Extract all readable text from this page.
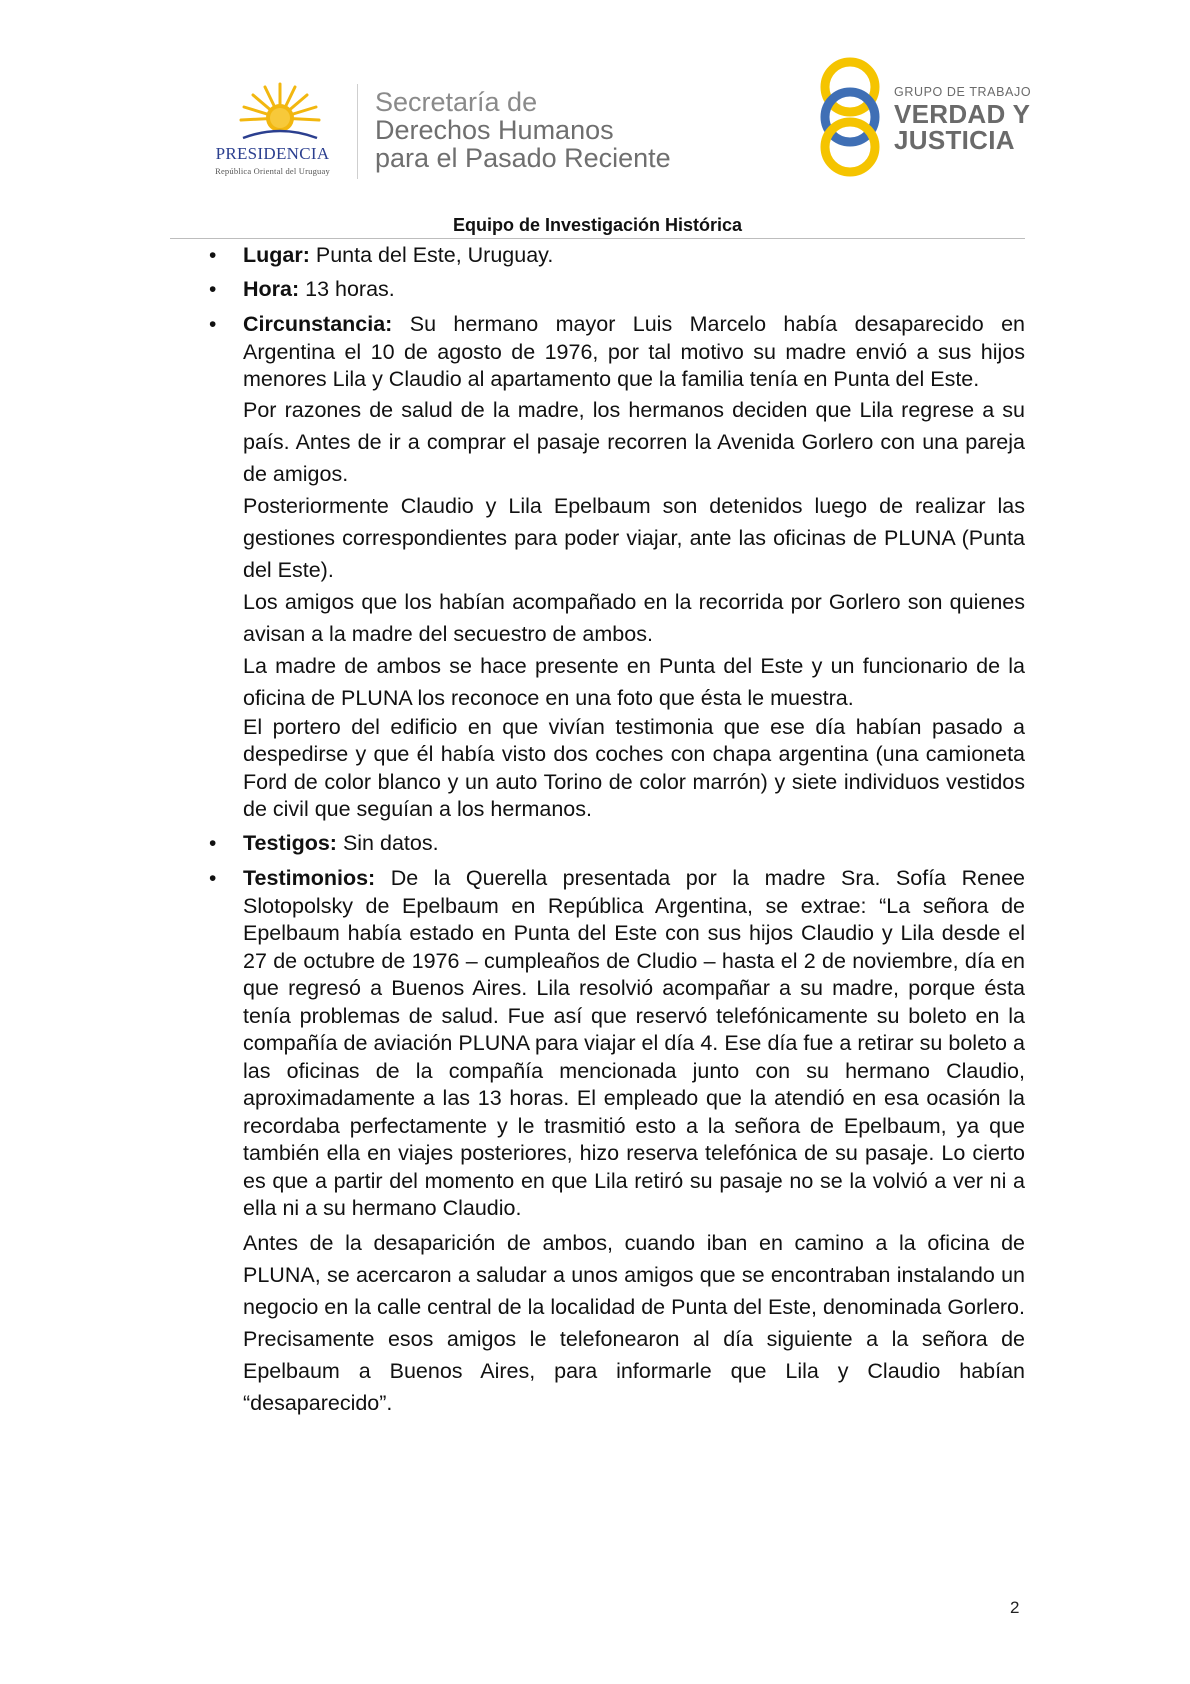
PRESIDENCIA
República Oriental del Uruguay
Secretaría de
Derechos Humanos
para el Pasado Reciente
GRUPO DE TRABAJO
VERDAD Y
JUSTICIA
Equipo de Investigación Histórica
• Lugar: Punta del Este, Uruguay.

• Hora: 13 horas.

• Circunstancia: Su hermano mayor Luis Marcelo había desaparecido en Argentina el 10 de agosto de 1976, por tal motivo su madre envió a sus hijos menores Lila y Claudio al apartamento que la familia tenía en Punta del Este.

Por razones de salud de la madre, los hermanos deciden que Lila regrese a su país. Antes de ir a comprar el pasaje recorren la Avenida Gorlero con una pareja de amigos.

Posteriormente Claudio y Lila Epelbaum son detenidos luego de realizar las gestiones correspondientes para poder viajar, ante las oficinas de PLUNA (Punta del Este).

Los amigos que los habían acompañado en la recorrida por Gorlero son quienes avisan a la madre del secuestro de ambos.

La madre de ambos se hace presente en Punta del Este y un funcionario de la oficina de PLUNA los reconoce en una foto que ésta le muestra.

El portero del edificio en que vivían testimonia que ese día habían pasado a despedirse y que él había visto dos coches con chapa argentina (una camioneta Ford de color blanco y un auto Torino de color marrón) y siete individuos vestidos de civil que seguían a los hermanos.

• Testigos: Sin datos.

• Testimonios: De la Querella presentada por la madre Sra. Sofía Renee Slotopolsky de Epelbaum en República Argentina, se extrae: “La señora de Epelbaum había estado en Punta del Este con sus hijos Claudio y Lila desde el 27 de octubre de 1976 – cumpleaños de Cludio – hasta el 2 de noviembre, día en que regresó a Buenos Aires. Lila resolvió acompañar a su madre, porque ésta tenía problemas de salud. Fue así que reservó telefónicamente su boleto en la compañía de aviación PLUNA para viajar el día 4. Ese día fue a retirar su boleto a las oficinas de la compañía mencionada junto con su hermano Claudio, aproximadamente a las 13 horas. El empleado que la atendió en esa ocasión la recordaba perfectamente y le trasmitió esto a la señora de Epelbaum, ya que también ella en viajes posteriores, hizo reserva telefónica de su pasaje. Lo cierto es que a partir del momento en que Lila retiró su pasaje no se la volvió a ver ni a ella ni a su hermano Claudio.

Antes de la desaparición de ambos, cuando iban en camino a la oficina de PLUNA, se acercaron a saludar a unos amigos que se encontraban instalando un negocio en la calle central de la localidad de Punta del Este, denominada Gorlero. Precisamente esos amigos le telefonearon al día siguiente a la señora de Epelbaum a Buenos Aires, para informarle que Lila y Claudio habían “desaparecido”.

2
